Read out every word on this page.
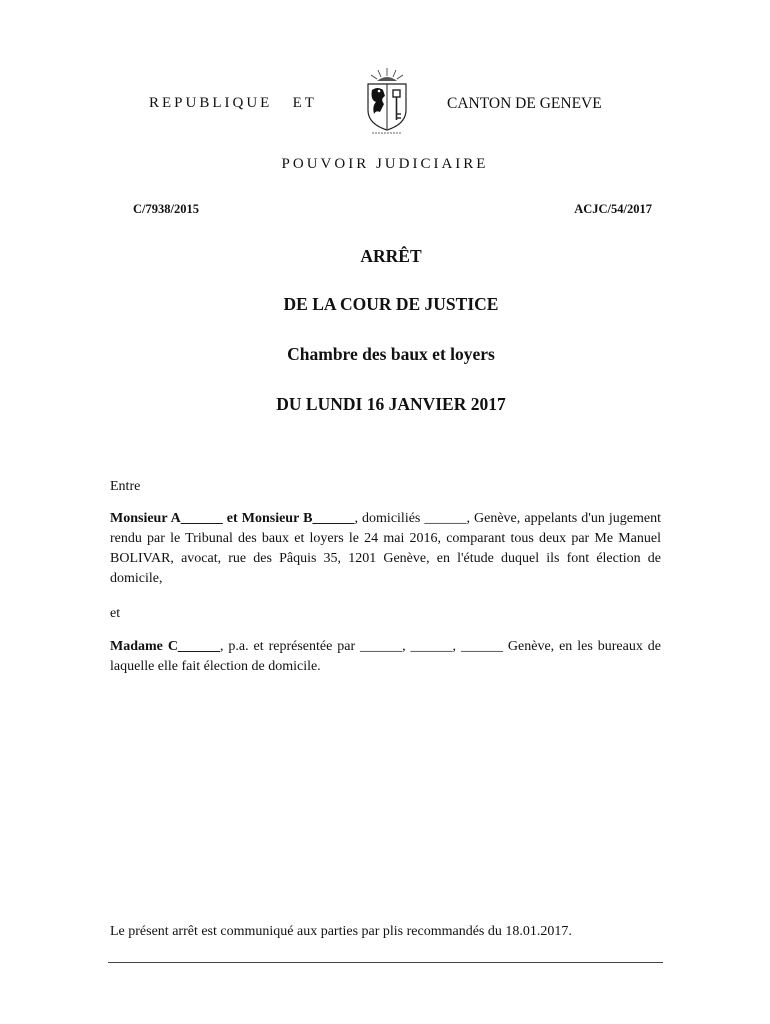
REPUBLIQUE   ET	CANTON DE GENEVE
POUVOIR JUDICIAIRE
C/7938/2015	ACJC/54/2017
ARRÊT
DE LA COUR DE JUSTICE
Chambre des baux et loyers
DU LUNDI 16 JANVIER 2017
Entre
Monsieur A______ et Monsieur B______, domiciliés ______, Genève, appelants d'un jugement rendu par le Tribunal des baux et loyers le 24 mai 2016, comparant tous deux par Me Manuel BOLIVAR, avocat, rue des Pâquis 35, 1201 Genève, en l'étude duquel ils font élection de domicile,
et
Madame C______, p.a. et représentée par ______, ______, ______ Genève, en les bureaux de laquelle elle fait élection de domicile.
Le présent arrêt est communiqué aux parties par plis recommandés du 18.01.2017.
